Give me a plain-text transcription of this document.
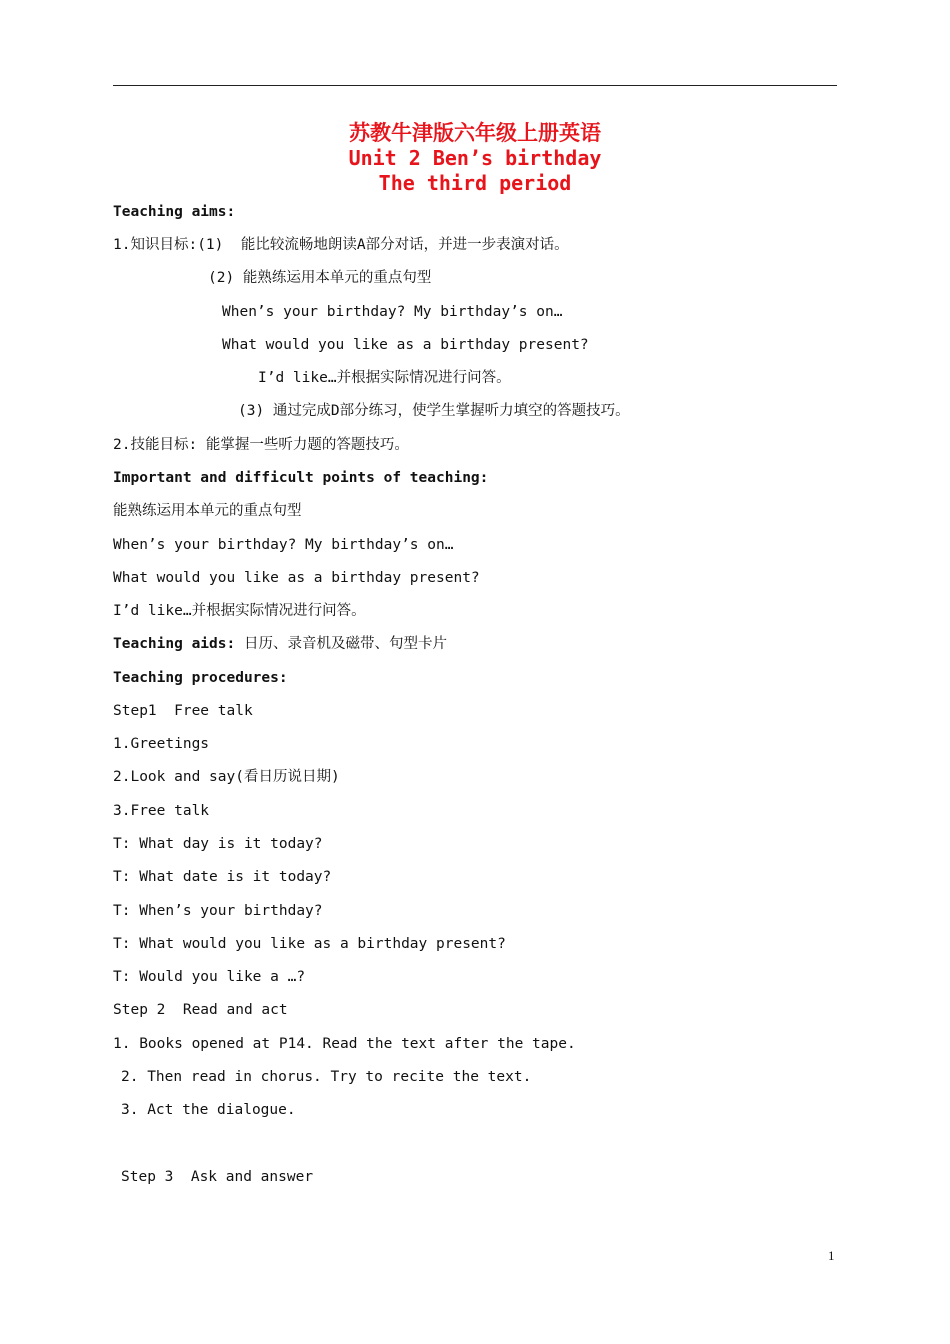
苏教牛津版六年级上册英语
Unit 2 Ben’s birthday
The third period
Teaching aims:
1.知识目标:(1)  能比较流畅地朗读A部分对话，并进一步表演对话。
(2) 能熟练运用本单元的重点句型
When’s your birthday? My birthday’s on…
What would you like as a birthday present?
I’d like…并根据实际情况进行问答。
(3) 通过完成D部分练习，使学生掌握听力填空的答题技巧。
2.技能目标: 能掌握一些听力题的答题技巧。
Important and difficult points of teaching:
能熟练运用本单元的重点句型
When’s your birthday? My birthday’s on…
What would you like as a birthday present?
I’d like…并根据实际情况进行问答。
Teaching aids: 日历、录音机及磁带、句型卡片
Teaching procedures:
Step1  Free talk
1.Greetings
2.Look and say(看日历说日期)
3.Free talk
T: What day is it today?
T: What date is it today?
T: When’s your birthday?
T: What would you like as a birthday present?
T: Would you like a …?
Step 2  Read and act
1. Books opened at P14. Read the text after the tape.
2. Then read in chorus. Try to recite the text.
3. Act the dialogue.
Step 3  Ask and answer
1
